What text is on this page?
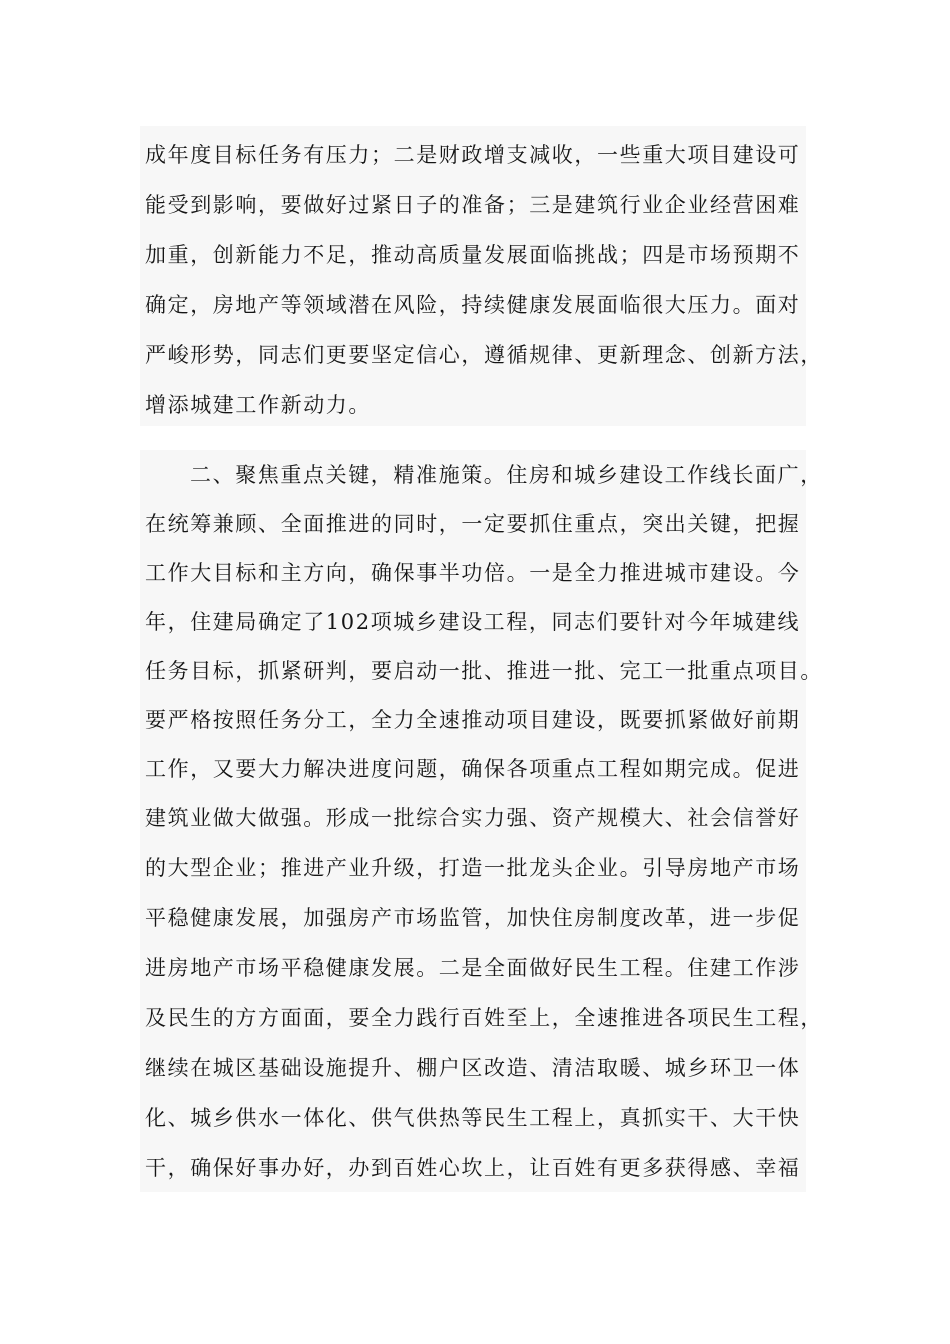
成年度目标任务有压力；二是财政增支减收，一些重大项目建设可
能受到影响，要做好过紧日子的准备；三是建筑行业企业经营困难
加重，创新能力不足，推动高质量发展面临挑战；四是市场预期不
确定，房地产等领域潜在风险，持续健康发展面临很大压力。面对
严峻形势，同志们更要坚定信心，遵循规律、更新理念、创新方法，
增添城建工作新动力。
二、聚焦重点关键，精准施策。住房和城乡建设工作线长面广，
在统筹兼顾、全面推进的同时，一定要抓住重点，突出关键，把握
工作大目标和主方向，确保事半功倍。一是全力推进城市建设。今
年，住建局确定了102项城乡建设工程，同志们要针对今年城建线
任务目标，抓紧研判，要启动一批、推进一批、完工一批重点项目。
要严格按照任务分工，全力全速推动项目建设，既要抓紧做好前期
工作，又要大力解决进度问题，确保各项重点工程如期完成。促进
建筑业做大做强。形成一批综合实力强、资产规模大、社会信誉好
的大型企业；推进产业升级，打造一批龙头企业。引导房地产市场
平稳健康发展，加强房产市场监管，加快住房制度改革，进一步促
进房地产市场平稳健康发展。二是全面做好民生工程。住建工作涉
及民生的方方面面，要全力践行百姓至上，全速推进各项民生工程，
继续在城区基础设施提升、棚户区改造、清洁取暖、城乡环卫一体
化、城乡供水一体化、供气供热等民生工程上，真抓实干、大干快
干，确保好事办好，办到百姓心坎上，让百姓有更多获得感、幸福
